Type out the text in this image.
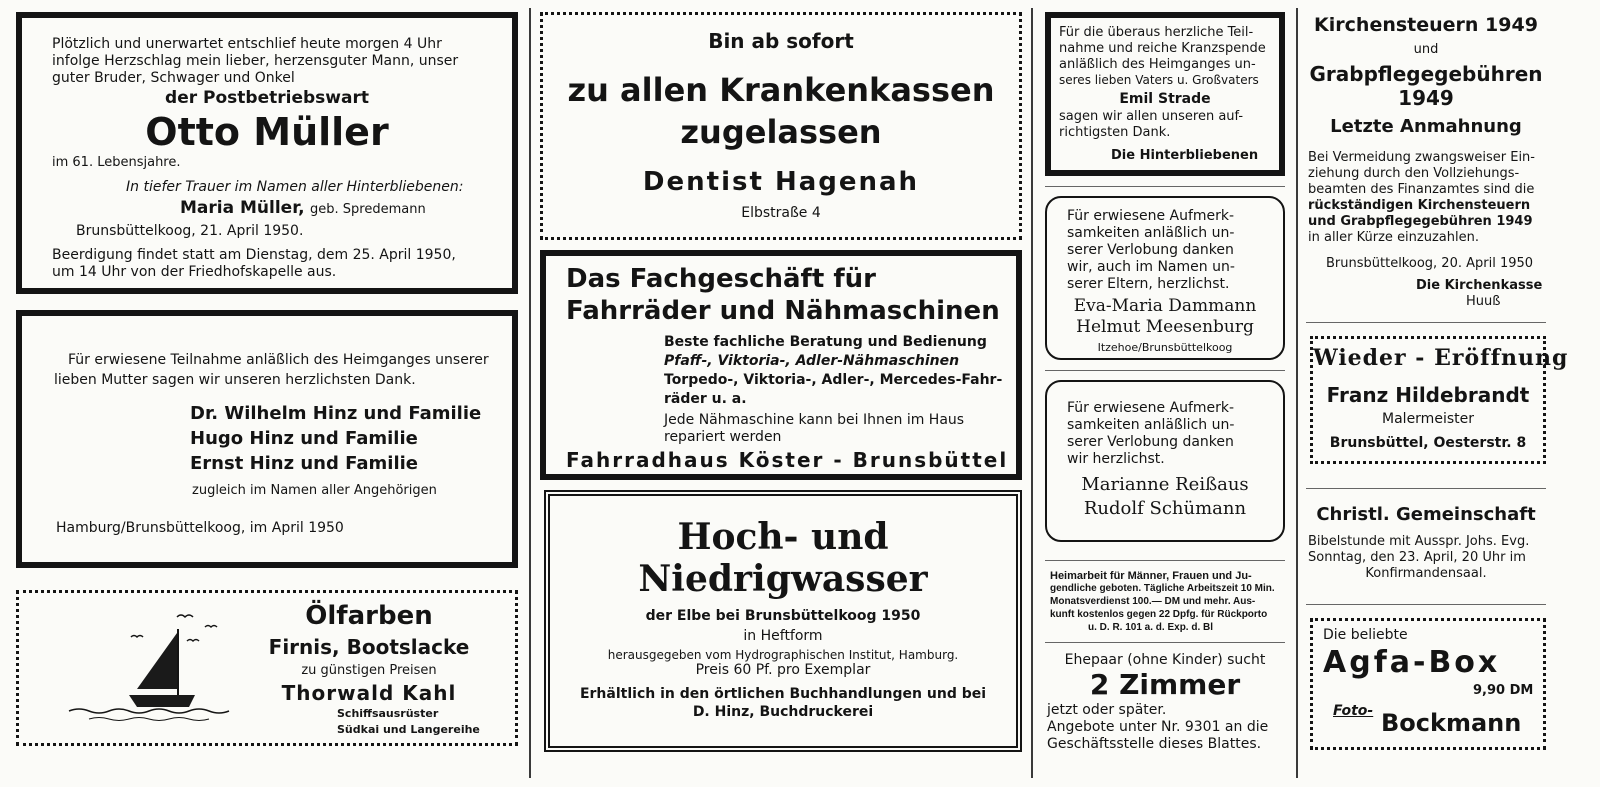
Plötzlich und unerwartet entschlief heute morgen 4 Uhr
infolge Herzschlag mein lieber, herzensguter Mann, unser
guter Bruder, Schwager und Onkel
der Postbetriebswart
Otto Müller
im 61. Lebensjahre.
In tiefer Trauer im Namen aller Hinterbliebenen:
Maria Müller, geb. Spredemann
Brunsbüttelkoog, 21. April 1950.
Beerdigung findet statt am Dienstag, dem 25. April 1950,
um 14 Uhr von der Friedhofskapelle aus.
Für erwiesene Teilnahme anläßlich des Heimganges unserer
lieben Mutter sagen wir unseren herzlichsten Dank.
Dr. Wilhelm Hinz und Familie
Hugo Hinz und Familie
Ernst Hinz und Familie
zugleich im Namen aller Angehörigen
Hamburg/Brunsbüttelkoog, im April 1950
Ölfarben
Firnis, Bootslacke
zu günstigen Preisen
Thorwald Kahl
Schiffsausrüster
Südkai und Langereihe
Bin ab sofort
zu allen Krankenkassen
zugelassen
Dentist Hagenah
Elbstraße 4
Das Fachgeschäft für
Fahrräder und Nähmaschinen
Beste fachliche Beratung und Bedienung
Pfaff-, Viktoria-, Adler-Nähmaschinen
Torpedo-, Viktoria-, Adler-, Mercedes-Fahr-
räder u. a.
Jede Nähmaschine kann bei Ihnen im Haus
repariert werden
Fahrradhaus Köster - Brunsbüttel
Hoch- und
Niedrigwasser
der Elbe bei Brunsbüttelkoog 1950
in Heftform
herausgegeben vom Hydrographischen Institut, Hamburg.
Preis 60 Pf. pro Exemplar
Erhältlich in den örtlichen Buchhandlungen und bei
D. Hinz, Buchdruckerei
Für die überaus herzliche Teil-
nahme und reiche Kranzspende
anläßlich des Heimganges un-
seres lieben Vaters u. Großvaters
Emil Strade
sagen wir allen unseren auf-
richtigsten Dank.
Die Hinterbliebenen
Für erwiesene Aufmerk-
samkeiten anläßlich un-
serer Verlobung danken
wir, auch im Namen un-
serer Eltern, herzlichst.
Eva-Maria Dammann
Helmut Meesenburg
Itzehoe/Brunsbüttelkoog
Für erwiesene Aufmerk-
samkeiten anläßlich un-
serer Verlobung danken
wir herzlichst.
Marianne Reißaus
Rudolf Schümann
Heimarbeit für Männer, Frauen und Ju-
gendliche geboten. Tägliche Arbeitszeit 10 Min.
Monatsverdienst 100.— DM und mehr. Aus-
kunft kostenlos gegen 22 Dpfg. für Rückporto
u. D. R. 101 a. d. Exp. d. Bl
Ehepaar (ohne Kinder) sucht
2 Zimmer
jetzt oder später.
Angebote unter Nr. 9301 an die
Geschäftsstelle dieses Blattes.
Kirchensteuern 1949
und
Grabpflegegebühren
1949
Letzte Anmahnung
Bei Vermeidung zwangsweiser Ein-
ziehung durch den Vollziehungs-
beamten des Finanzamtes sind die
rückständigen Kirchensteuern
und Grabpflegegebühren 1949
in aller Kürze einzuzahlen.
Brunsbüttelkoog, 20. April 1950
Die Kirchenkasse
Huuß
Wieder - Eröffnung
Franz Hildebrandt
Malermeister
Brunsbüttel, Oesterstr. 8
Christl. Gemeinschaft
Bibelstunde mit Ausspr. Johs. Evg.
Sonntag, den 23. April, 20 Uhr im
Konfirmandensaal.
Die beliebte
Agfa-Box
9,90 DM
Foto- Bockmann
